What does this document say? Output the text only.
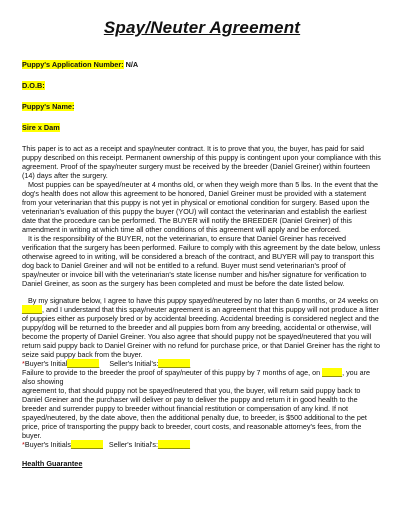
Spay/Neuter Agreement
Puppy's Application Number: N/A
D.O.B:
Puppy's Name:
Sire x Dam

This paper is to act as a receipt and spay/neuter contract. It is to prove that you, the buyer, has paid for said puppy described on this receipt. Permanent ownership of this puppy is contingent upon your compliance with this agreement. Proof of the spay/neuter surgery must be received by the breeder (Daniel Greiner) within fourteen (14) days after the surgery.

Most puppies can be spayed/neuter at 4 months old, or when they weigh more than 5 lbs. In the event that the dog's health does not allow this agreement to be honored, Daniel Greiner must be provided with a statement from your veterinarian that this puppy is not yet in physical or emotional condition for surgery. Based upon the veterinarian's evaluation of this puppy the buyer (YOU) will contact the veterinarian and establish the earliest date that the procedure can be performed. The BUYER will notify the BREEDER (Daniel Greiner) of this amendment in writing at which time all other conditions of this agreement will apply and be enforced.

It is the responsibility of the BUYER, not the veterinarian, to ensure that Daniel Greiner has received verification that the surgery has been performed. Failure to comply with this agreement by the date below, unless otherwise agreed to in writing, will be considered a breach of the contract, and BUYER will pay to transport this dog back to Daniel Greiner and will not be entitled to a refund. Buyer must send veterinarian's proof of spay/neuter or invoice bill with the veterinarian's state license number and his/her signature for verification to Daniel Greiner, as soon as the surgery has been completed and must be before the date listed below.

By my signature below, I agree to have this puppy spayed/neutered by no later than 6 months, or 24 weeks on _____, and I understand that this spay/neuter agreement is an agreement that this puppy will not produce a litter of puppies either as purposely bred or by accidental breeding. Accidental breeding is considered neglect and the puppy/dog will be returned to the breeder and all puppies born from any breeding, accidental or otherwise, will become the property of Daniel Greiner. You also agree that should puppy not be spayed/neutered that you will return said puppy back to Daniel Greiner with no refund for purchase price, or that Daniel Greiner has the right to seize said puppy back from the buyer.

*Buyer's Initial________ Seller's Initial's:________

Failure to provide to the breeder the proof of spay/neuter of this puppy by 7 months of age, on _____, you are also showing

agreement to, that should puppy not be spayed/neutered that you, the buyer, will return said puppy back to Daniel Greiner and the purchaser will deliver or pay to deliver the puppy and return it in good health to the breeder and surrender puppy to breeder without financial restitution or compensation of any kind. If not spayed/neutered, by the date above, then the additional penalty due, to breeder, is $500 additional to the pet price, price of transporting the puppy back to breeder, court costs, and reasonable attorney's fees, from the buyer.

*Buyer's Initials________ Seller's Initial's:________

Health Guarantee
